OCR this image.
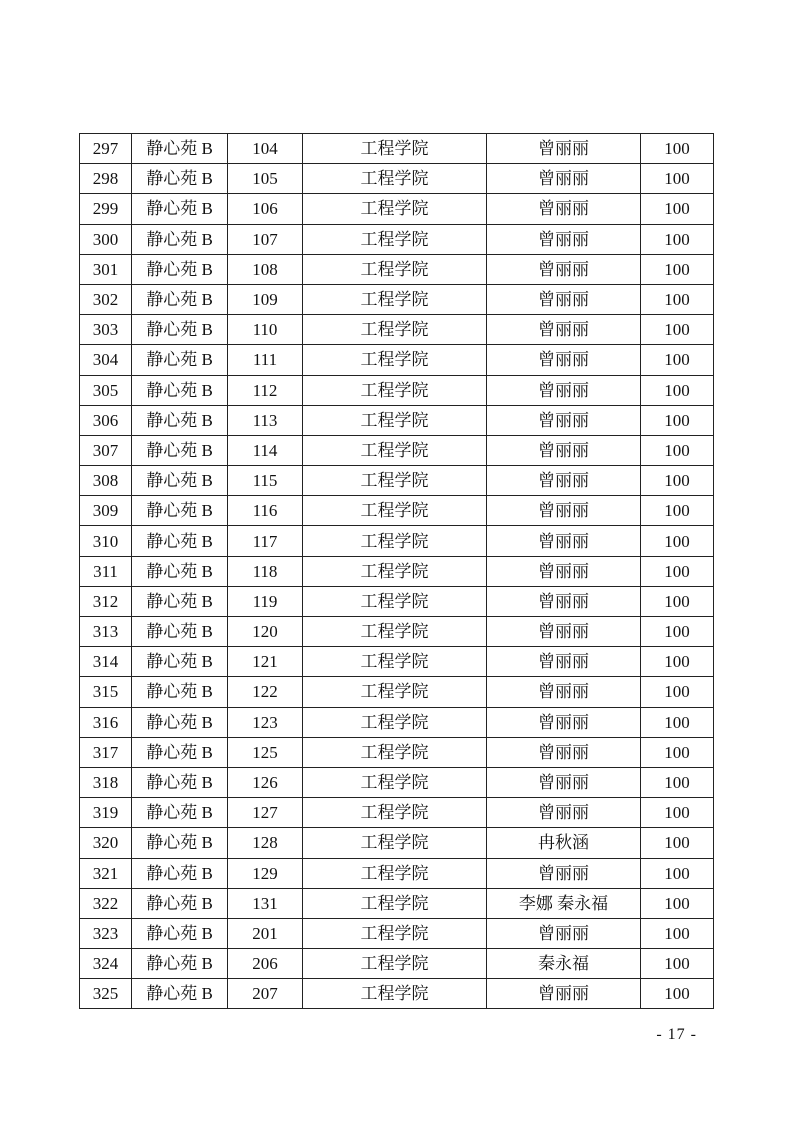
297	静心苑 B	104	工程学院	曾丽丽	100
298	静心苑 B	105	工程学院	曾丽丽	100
299	静心苑 B	106	工程学院	曾丽丽	100
300	静心苑 B	107	工程学院	曾丽丽	100
301	静心苑 B	108	工程学院	曾丽丽	100
302	静心苑 B	109	工程学院	曾丽丽	100
303	静心苑 B	110	工程学院	曾丽丽	100
304	静心苑 B	111	工程学院	曾丽丽	100
305	静心苑 B	112	工程学院	曾丽丽	100
306	静心苑 B	113	工程学院	曾丽丽	100
307	静心苑 B	114	工程学院	曾丽丽	100
308	静心苑 B	115	工程学院	曾丽丽	100
309	静心苑 B	116	工程学院	曾丽丽	100
310	静心苑 B	117	工程学院	曾丽丽	100
311	静心苑 B	118	工程学院	曾丽丽	100
312	静心苑 B	119	工程学院	曾丽丽	100
313	静心苑 B	120	工程学院	曾丽丽	100
314	静心苑 B	121	工程学院	曾丽丽	100
315	静心苑 B	122	工程学院	曾丽丽	100
316	静心苑 B	123	工程学院	曾丽丽	100
317	静心苑 B	125	工程学院	曾丽丽	100
318	静心苑 B	126	工程学院	曾丽丽	100
319	静心苑 B	127	工程学院	曾丽丽	100
320	静心苑 B	128	工程学院	冉秋涵	100
321	静心苑 B	129	工程学院	曾丽丽	100
322	静心苑 B	131	工程学院	李娜 秦永福	100
323	静心苑 B	201	工程学院	曾丽丽	100
324	静心苑 B	206	工程学院	秦永福	100
325	静心苑 B	207	工程学院	曾丽丽	100
- 17 -
